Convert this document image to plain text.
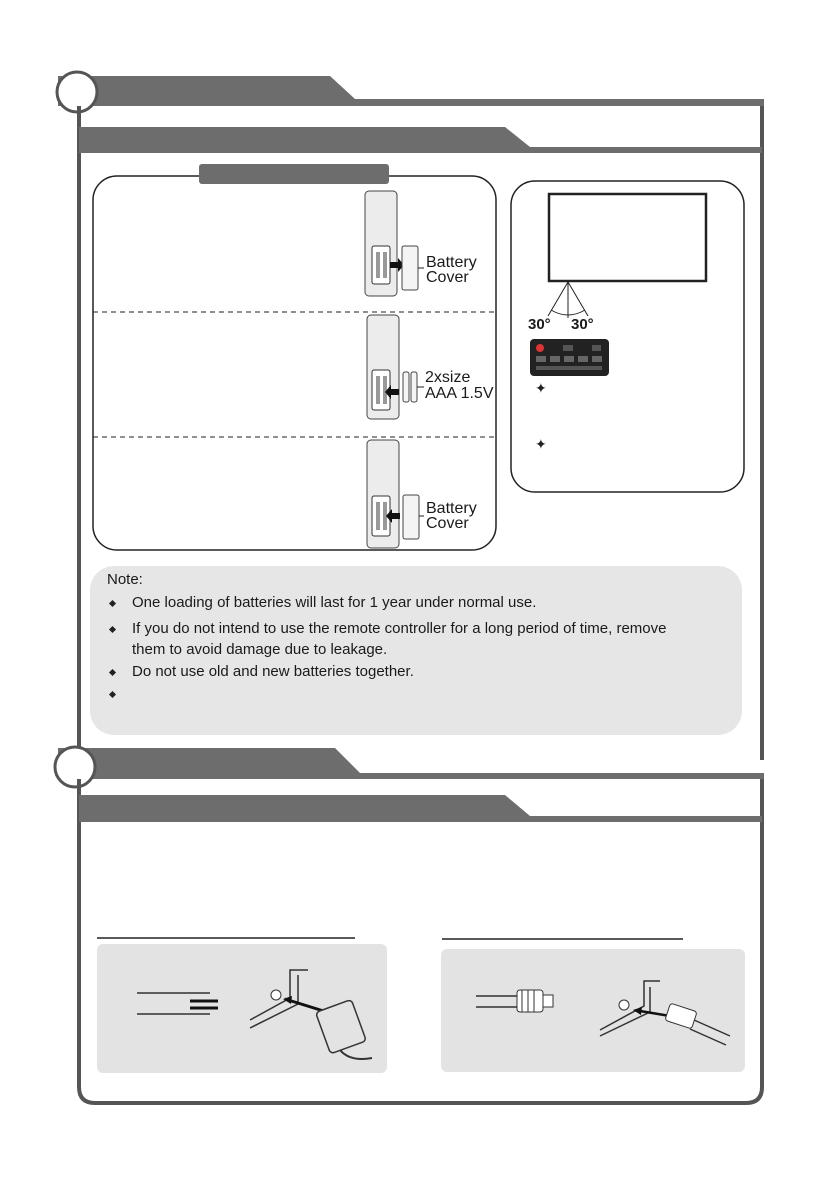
Battery
Cover
2xsize
AAA 1.5V
Battery
Cover
30° 30°
✦
✦
Note:
One loading of batteries will last for 1 year under normal use.
If you do not intend to use the remote controller for a long period of time, remove
them to avoid damage due to leakage.
Do not use old and new batteries together.
